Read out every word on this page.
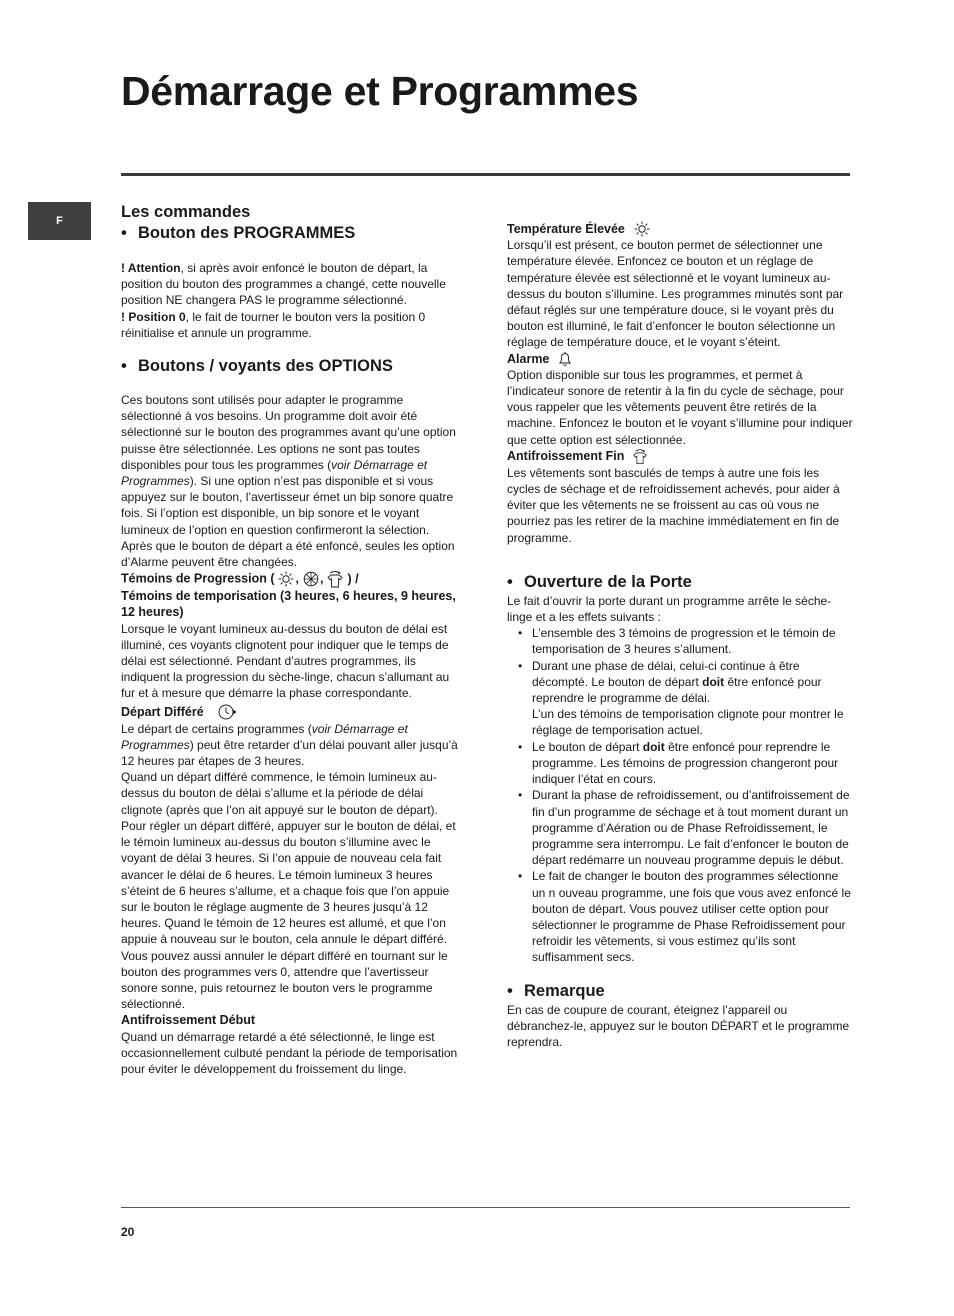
Démarrage et Programmes
F	Les commandes
• Bouton des PROGRAMMES

! Attention, si après avoir enfoncé le bouton de départ, la position du bouton des programmes a changé, cette nouvelle position NE changera PAS le programme sélectionné.

! Position 0, le fait de tourner le bouton vers la position 0 réinitialise et annule un programme.

• Boutons / voyants des OPTIONS

Ces boutons sont utilisés pour adapter le programme sélectionné à vos besoins. Un programme doit avoir été sélectionné sur le bouton des programmes avant qu’une option puisse être sélectionnée. Les options ne sont pas toutes disponibles pour tous les programmes (voir Démarrage et Programmes). Si une option n’est pas disponible et si vous appuyez sur le bouton, l’avertisseur émet un bip sonore quatre fois. Si l’option est disponible, un bip sonore et le voyant lumineux de l’option en question confirmeront la sélection.

Après que le bouton de départ a été enfoncé, seules les option d’Alarme peuvent être changées.

Témoins de Progression ( , , ) /
Témoins de temporisation (3 heures, 6 heures, 9 heures, 12 heures)

Lorsque le voyant lumineux au-dessus du bouton de délai est illuminé, ces voyants clignotent pour indiquer que le temps de délai est sélectionné. Pendant d’autres programmes, ils indiquent la progression du sèche-linge, chacun s’allumant au fur et à mesure que démarre la phase correspondante.

Départ Différé

Le départ de certains programmes (voir Démarrage et Programmes) peut être retarder d’un délai pouvant aller jusqu’à 12 heures par étapes de 3 heures.

Quand un départ différé commence, le témoin lumineux au-dessus du bouton de délai s’allume et la période de délai clignote (après que l’on ait appuyé sur le bouton de départ). Pour régler un départ différé, appuyer sur le bouton de délai, et le témoin lumineux au-dessus du bouton s’illumine avec le voyant de délai 3 heures. Si l’on appuie de nouveau cela fait avancer le délai de 6 heures. Le témoin lumineux 3 heures s’éteint de 6 heures s’allume, et a chaque fois que l’on appuie sur le bouton le réglage augmente de 3 heures jusqu’à 12 heures. Quand le témoin de 12 heures est allumé, et que l’on appuie à nouveau sur le bouton, cela annule le départ différé.

Vous pouvez aussi annuler le départ différé en tournant sur le bouton des programmes vers 0, attendre que l’avertisseur sonore sonne, puis retournez le bouton vers le programme sélectionné.

Antifroissement Début

Quand un démarrage retardé a été sélectionné, le linge est occasionnellement culbuté pendant la période de temporisation pour éviter le développement du froissement du linge.

Température Élevée

Lorsqu’il est présent, ce bouton permet de sélectionner une température élevée. Enfoncez ce bouton et un réglage de température élevée est sélectionné et le voyant lumineux au-dessus du bouton s’illumine. Les programmes minutés sont par défaut réglés sur une température douce, si le voyant près du bouton est illuminé, le fait d’enfoncer le bouton sélectionne un réglage de température douce, et le voyant s’éteint.

Alarme

Option disponible sur tous les programmes, et permet à l’indicateur sonore de retentir à la fin du cycle de séchage, pour vous rappeler que les vêtements peuvent être retirés de la machine. Enfoncez le bouton et le voyant s’illumine pour indiquer que cette option est sélectionnée.

Antifroissement Fin

Les vêtements sont basculés de temps à autre une fois les cycles de séchage et de refroidissement achevés, pour aider à éviter que les vêtements ne se froissent au cas où vous ne pourriez pas les retirer de la machine immédiatement en fin de programme.

• Ouverture de la Porte

Le fait d’ouvrir la porte durant un programme arrête le sèche-linge et a les effets suivants :

• L’ensemble des 3 témoins de progression et le témoin de temporisation de 3 heures s’allument.
• Durant une phase de délai, celui-ci continue à être décompté. Le bouton de départ doit être enfoncé pour reprendre le programme de délai.
L’un des témoins de temporisation clignote pour montrer le réglage de temporisation actuel.
• Le bouton de départ doit être enfoncé pour reprendre le programme. Les témoins de progression changeront pour indiquer l’état en cours.
• Durant la phase de refroidissement, ou d’antifroissement de fin d’un programme de séchage et à tout moment durant un programme d’Aération ou de Phase Refroidissement, le programme sera interrompu. Le fait d’enfoncer le bouton de départ redémarre un nouveau programme depuis le début.
• Le fait de changer le bouton des programmes sélectionne un n ouveau programme, une fois que vous avez enfoncé le bouton de départ. Vous pouvez utiliser cette option pour sélectionner le programme de Phase Refroidissement pour refroidir les vêtements, si vous estimez qu’ils sont suffisamment secs.
• Remarque

En cas de coupure de courant, éteignez l’appareil ou débranchez-le, appuyez sur le bouton DÉPART et le programme reprendra.

20
